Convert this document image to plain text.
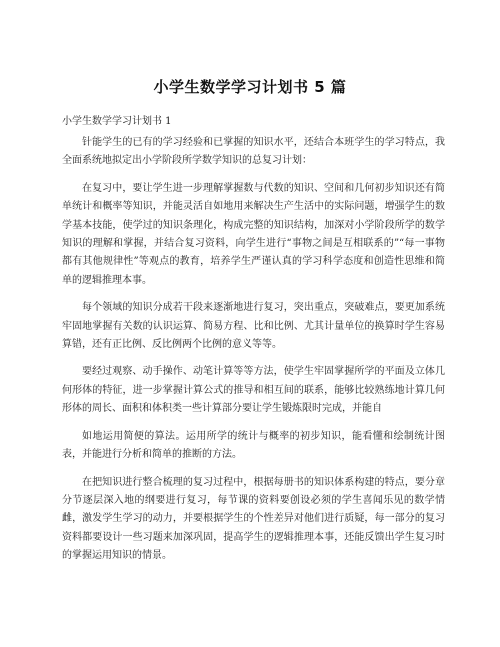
小学生数学学习计划书 5 篇

小学生数学学习计划书 1

针能学生的已有的学习经验和已掌握的知识水平，还结合本班学生的学习特点，我全面系统地拟定出小学阶段所学数学知识的总复习计划：

在复习中，要让学生进一步理解掌握数与代数的知识、空间和几何初步知识还有简单统计和概率等知识，并能灵活自如地用来解决生产生活中的实际问题，增强学生的数学基本技能，使学过的知识条理化，构成完整的知识结构，加深对小学阶段所学的数学知识的理解和掌握，并结合复习资料，向学生进行“事物之间是互相联系的”“每一事物都有其他规律性”等观点的教育，培养学生严谨认真的学习科学态度和创造性思维和简单的逻辑推理本事。

每个领域的知识分成若干段来逐渐地进行复习，突出重点，突破难点，要更加系统牢固地掌握有关数的认识运算、简易方程、比和比例、尤其计量单位的换算时学生容易算错，还有正比例、反比例两个比例的意义等等。

要经过观察、动手操作、动笔计算等等方法，使学生牢固掌握所学的平面及立体几何形体的特征，进一步掌握计算公式的推导和相互间的联系，能够比较熟练地计算几何形体的周长、面积和体积类一些计算部分要让学生锻炼限时完成，并能自

如地运用简便的算法。运用所学的统计与概率的初步知识，能看懂和绘制统计图表，并能进行分析和简单的推断的方法。

在把知识进行整合梳理的复习过程中，根据每册书的知识体系构建的特点，要分章分节逐层深入地的纲要进行复习，每节课的资料要创设必须的学生喜闻乐见的数学情雌，激发学生学习的动力，并要根据学生的个性差异对他们进行质疑，每一部分的复习资料都要设计一些习题来加深巩固，提高学生的逻辑推理本事，还能反馈出学生复习时的掌握运用知识的情景。
